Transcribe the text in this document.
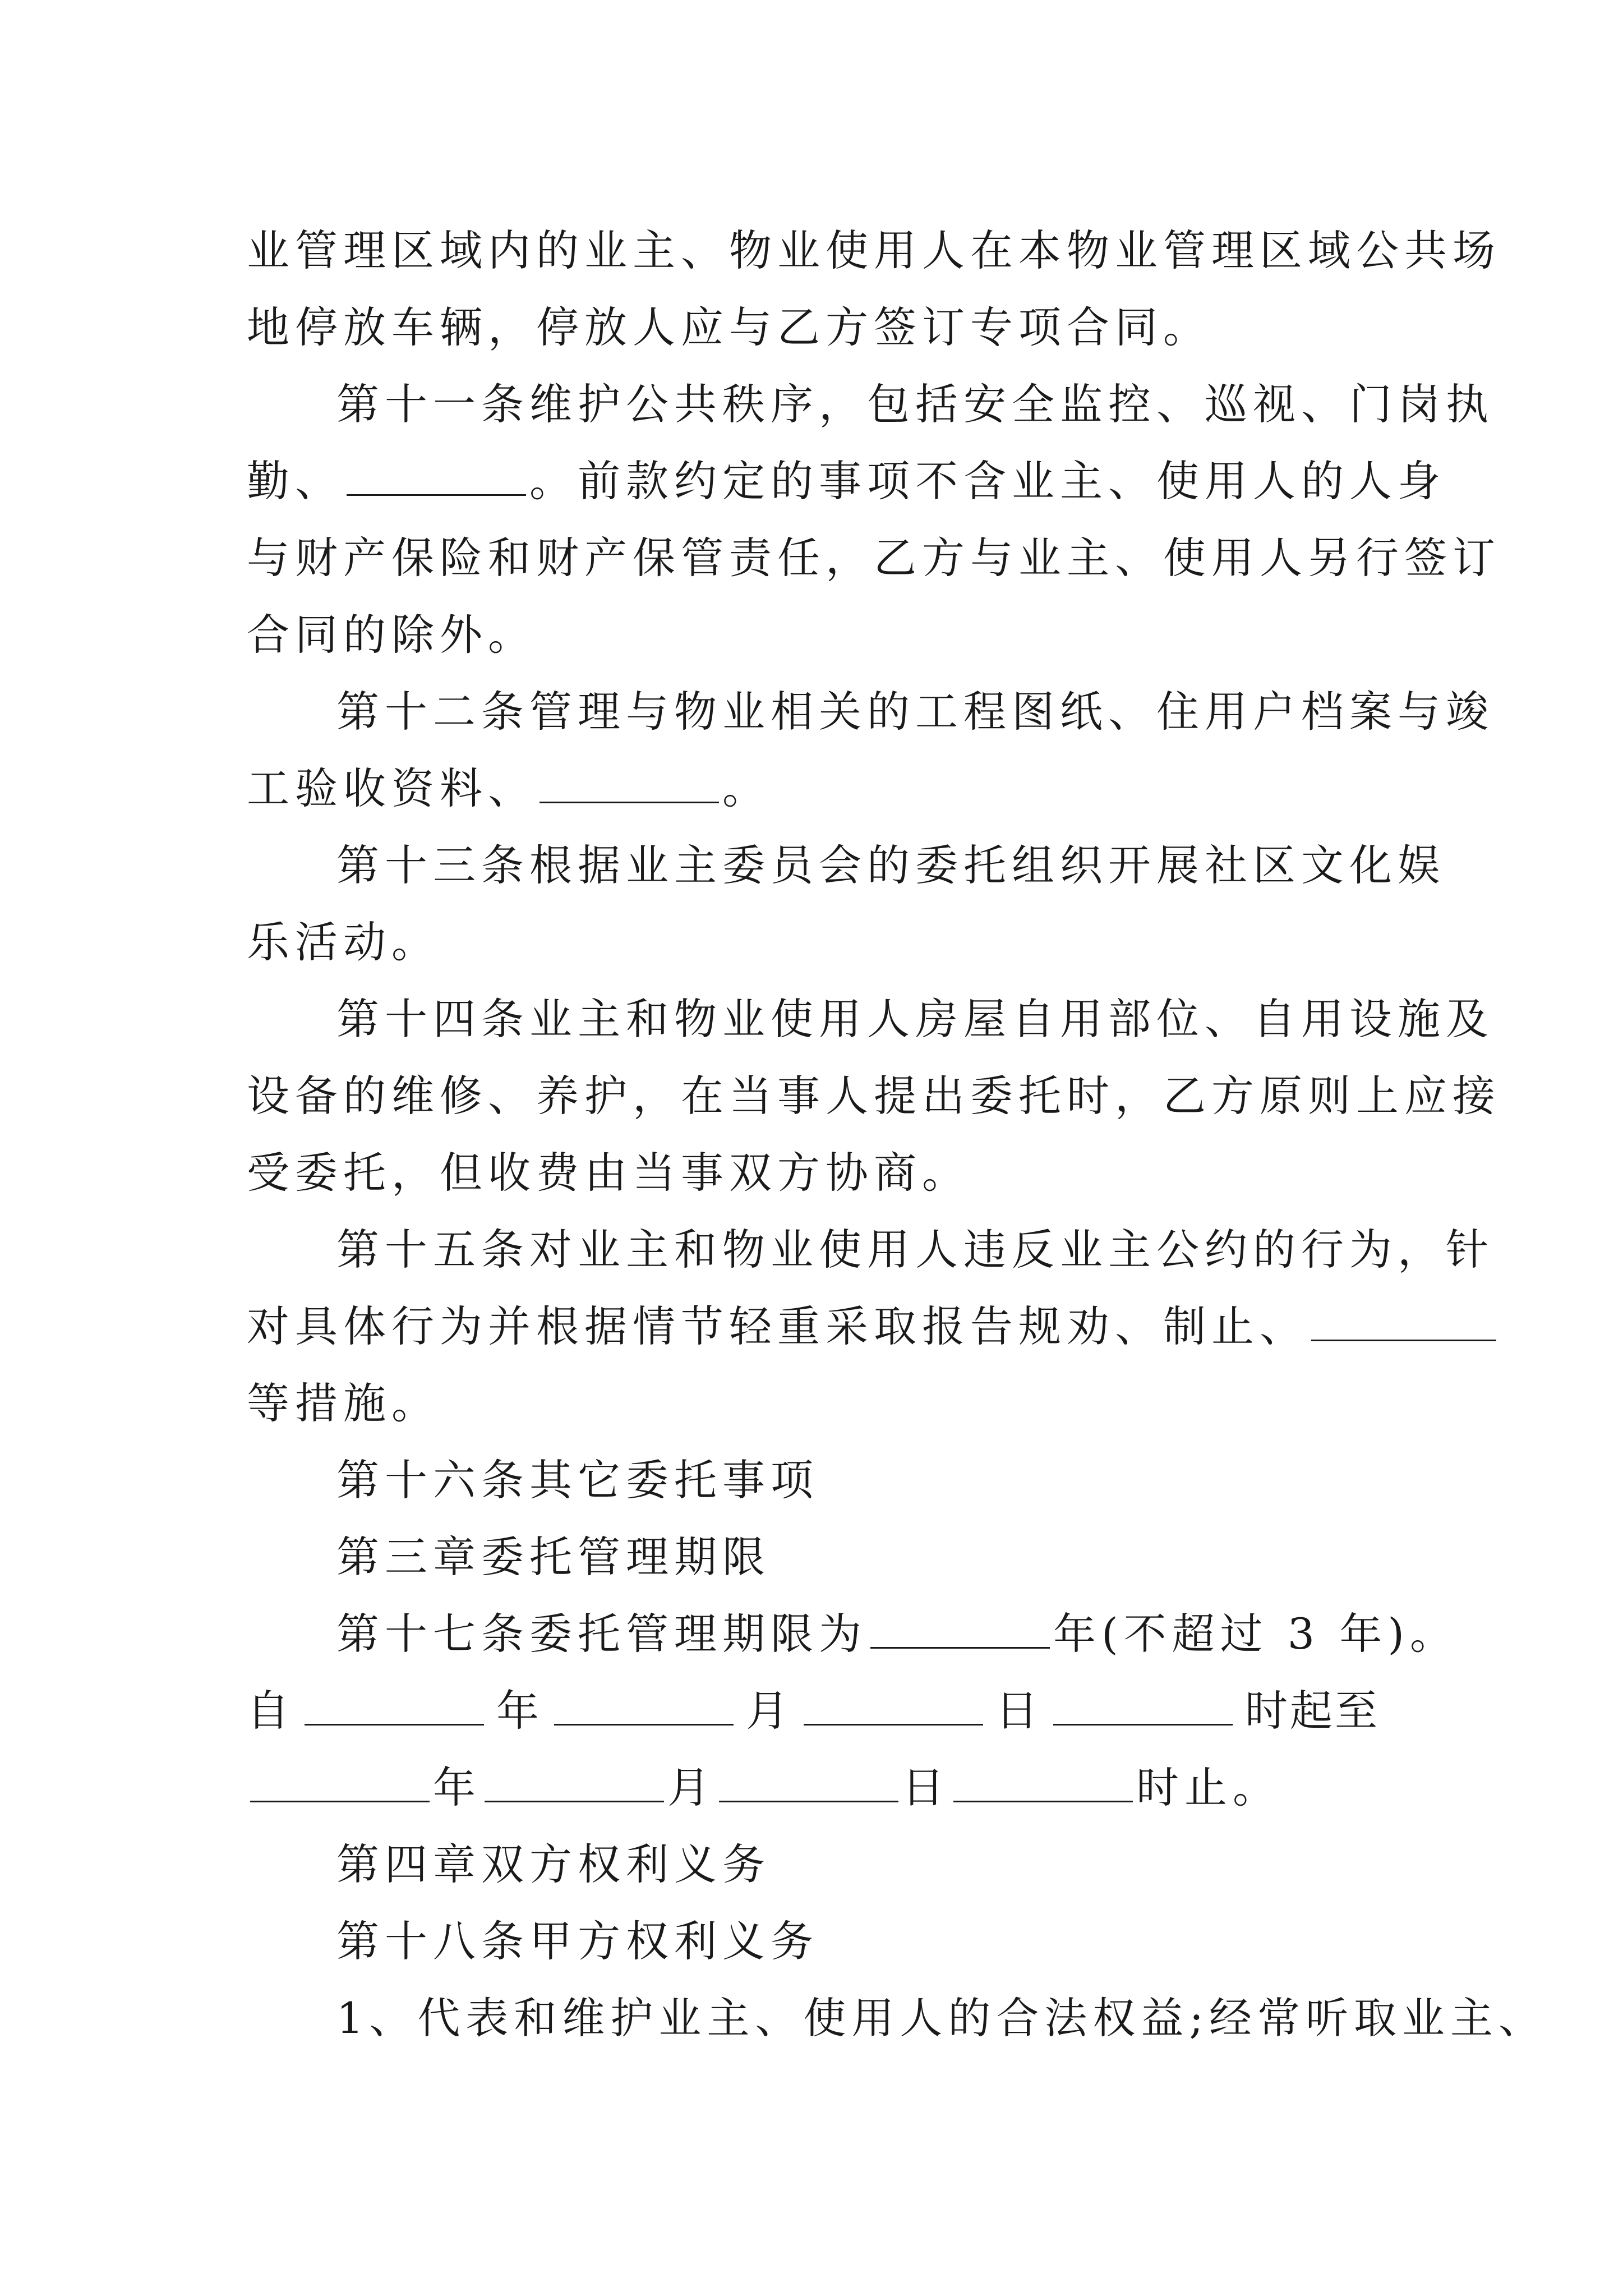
业管理区域内的业主、物业使用人在本物业管理区域公共场
地停放车辆，停放人应与乙方签订专项合同。
第十一条维护公共秩序，包括安全监控、巡视、门岗执
勤、	。前款约定的事项不含业主、使用人的人身
与财产保险和财产保管责任，乙方与业主、使用人另行签订
合同的除外。
第十二条管理与物业相关的工程图纸、住用户档案与竣
工验收资料、	。
第十三条根据业主委员会的委托组织开展社区文化娱
乐活动。
第十四条业主和物业使用人房屋自用部位、自用设施及
设备的维修、养护，在当事人提出委托时，乙方原则上应接
受委托，但收费由当事双方协商。
第十五条对业主和物业使用人违反业主公约的行为，针
对具体行为并根据情节轻重采取报告规劝、制止、
等措施。
第十六条其它委托事项
第三章委托管理期限
第十七条委托管理期限为	年(不超过 3 年)。
自	年	月	日	时起至
年	月	日	时止。
第四章双方权利义务
第十八条甲方权利义务
1、代表和维护业主、使用人的合法权益;经常听取业主、
